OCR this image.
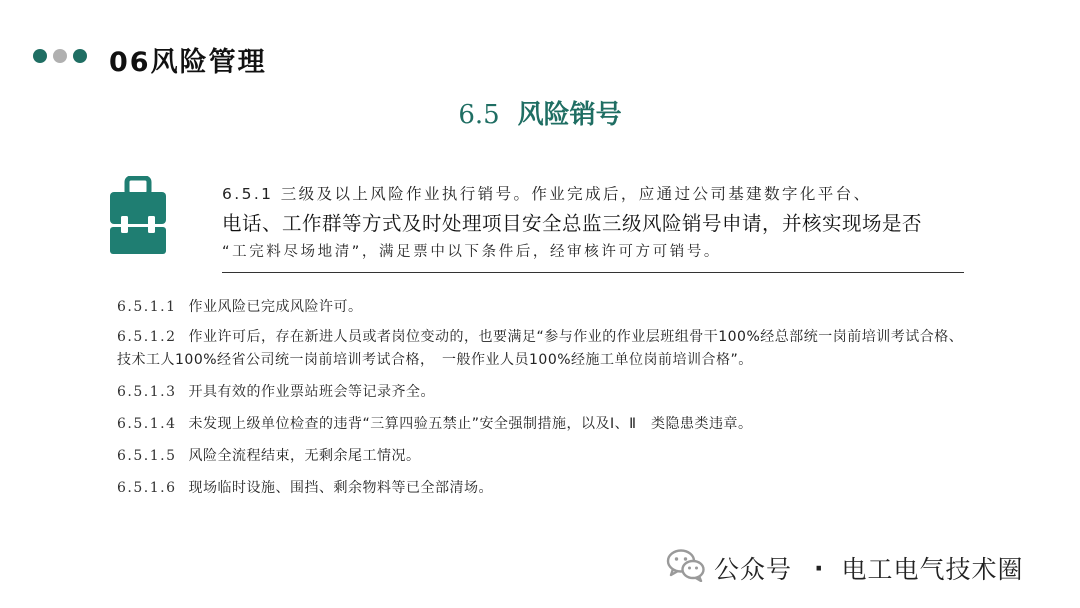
06风险管理
6.5 风险销号
6.5.1 三级及以上风险作业执行销号。作业完成后，应通过公司基建数字化平台、
电话、工作群等方式及时处理项目安全总监三级风险销号申请，并核实现场是否
“工完料尽场地清”，满足票中以下条件后，经审核许可方可销号。
6.5.1.1 作业风险已完成风险许可。
6.5.1.2 作业许可后，存在新进人员或者岗位变动的，也要满足“参与作业的作业层班组骨干100%经总部统一岗前培训考试合格、技术工人100%经省公司统一岗前培训考试合格，　一般作业人员100%经施工单位岗前培训合格”。
6.5.1.3 开具有效的作业票站班会等记录齐全。
6.5.1.4 未发现上级单位检查的违背“三算四验五禁止”安全强制措施，以及Ⅰ、Ⅱ　类隐患类违章。
6.5.1.5 风险全流程结束，无剩余尾工情况。
6.5.1.6 现场临时设施、围挡、剩余物料等已全部清场。
公众号 · 电工电气技术圈
